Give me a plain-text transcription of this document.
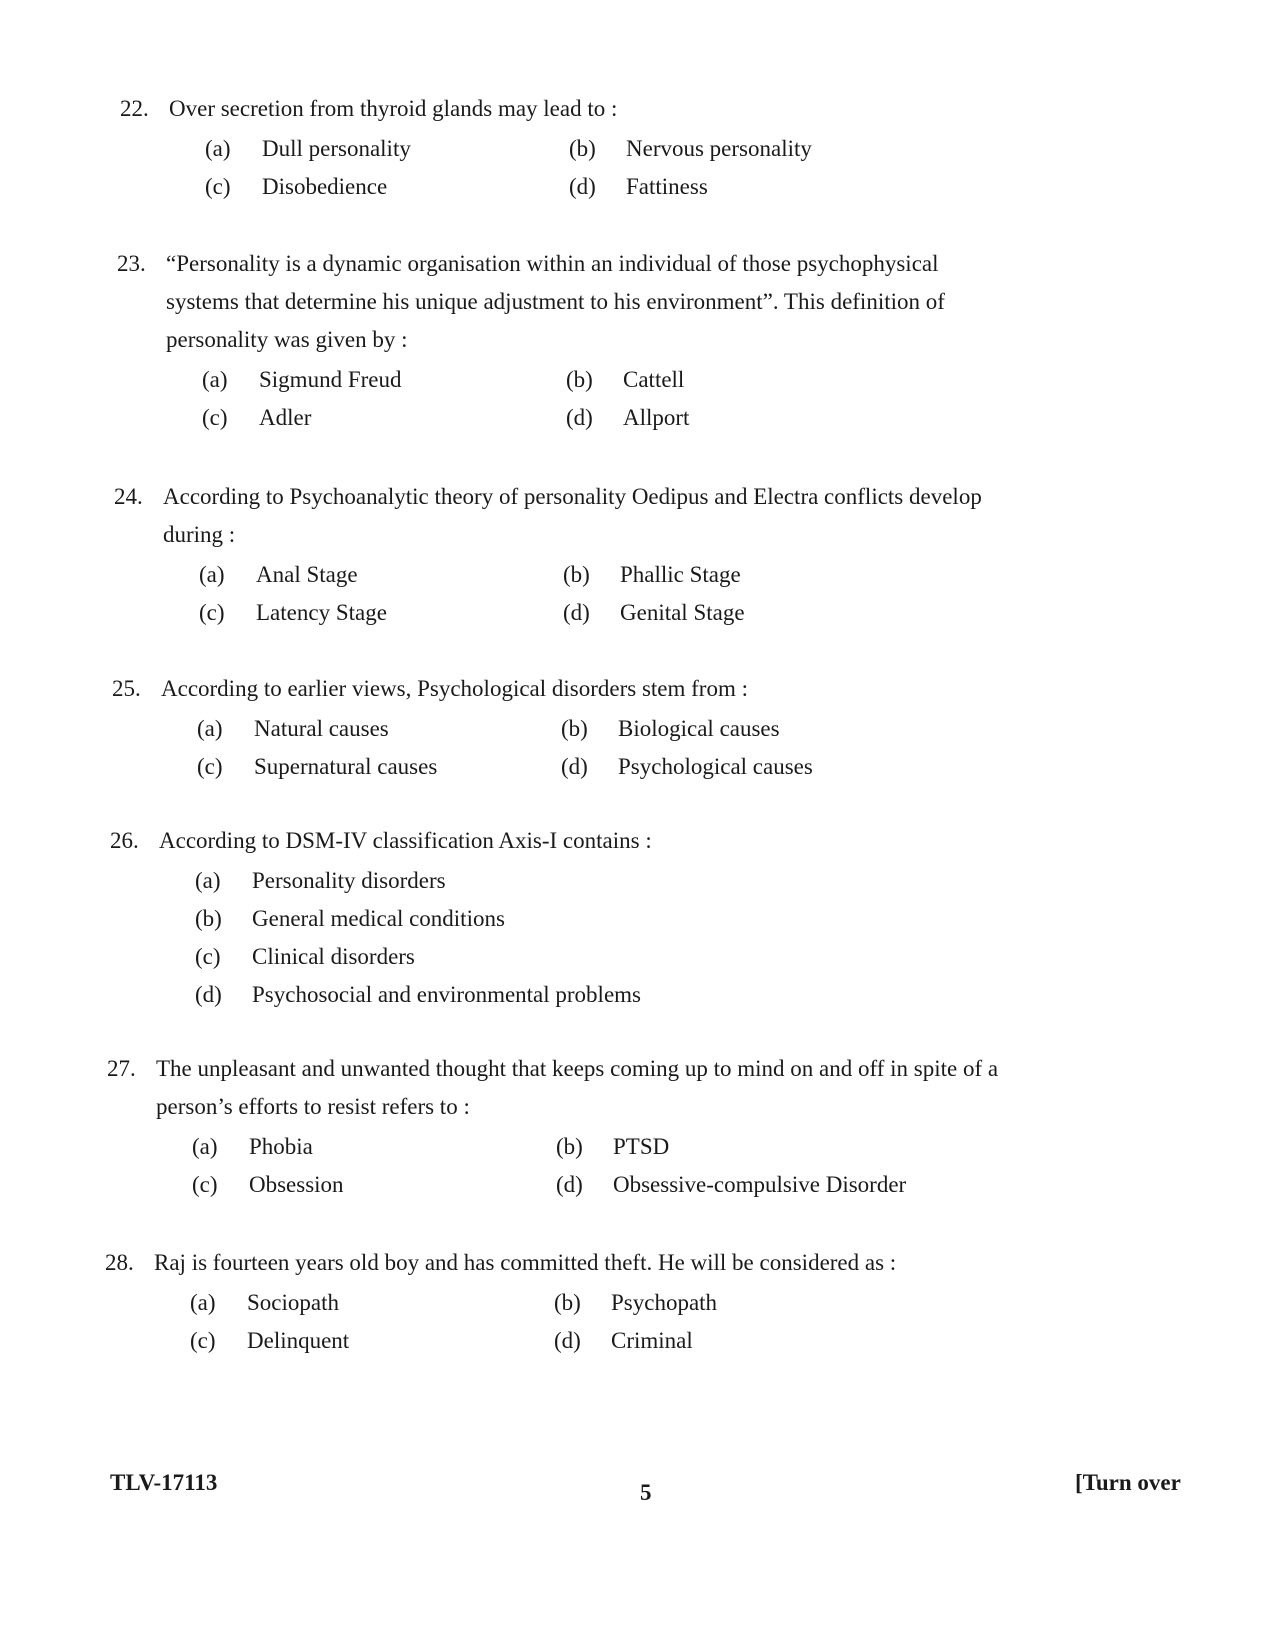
22. Over secretion from thyroid glands may lead to :
(a) Dull personality	(b) Nervous personality
(c) Disobedience	(d) Fattiness
23. “Personality is a dynamic organisation within an individual of those psychophysical systems that determine his unique adjustment to his environment”. This definition of personality was given by :
(a) Sigmund Freud	(b) Cattell
(c) Adler	(d) Allport
24. According to Psychoanalytic theory of personality Oedipus and Electra conflicts develop during :
(a) Anal Stage	(b) Phallic Stage
(c) Latency Stage	(d) Genital Stage
25. According to earlier views, Psychological disorders stem from :
(a) Natural causes	(b) Biological causes
(c) Supernatural causes	(d) Psychological causes
26. According to DSM-IV classification Axis-I contains :
(a) Personality disorders
(b) General medical conditions
(c) Clinical disorders
(d) Psychosocial and environmental problems
27. The unpleasant and unwanted thought that keeps coming up to mind on and off in spite of a person’s efforts to resist refers to :
(a) Phobia	(b) PTSD
(c) Obsession	(d) Obsessive-compulsive Disorder
28. Raj is fourteen years old boy and has committed theft. He will be considered as :
(a) Sociopath	(b) Psychopath
(c) Delinquent	(d) Criminal
TLV-17113	5	[Turn over
